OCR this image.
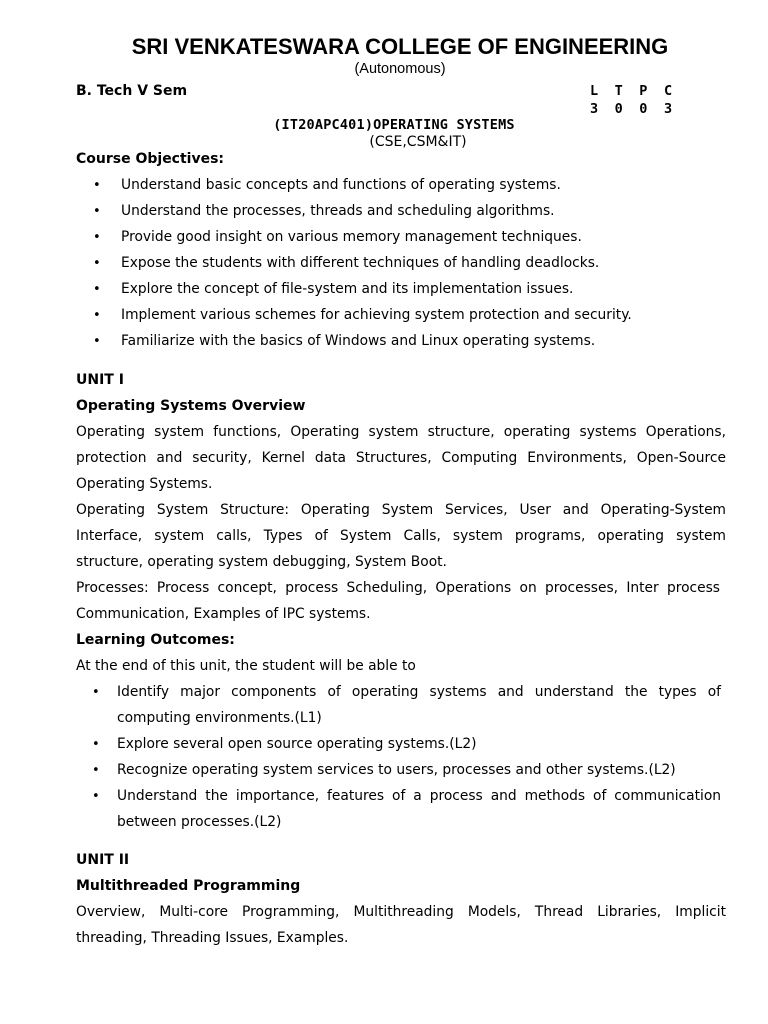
SRI VENKATESWARA COLLEGE OF ENGINEERING
(Autonomous)
B. Tech V Sem	L T P C
3 0 0 3
(IT20APC401)OPERATING SYSTEMS
(CSE,CSM&IT)
Course Objectives:
• Understand basic concepts and functions of operating systems.
• Understand the processes, threads and scheduling algorithms.
• Provide good insight on various memory management techniques.
• Expose the students with different techniques of handling deadlocks.
• Explore the concept of file-system and its implementation issues.
• Implement various schemes for achieving system protection and security.
• Familiarize with the basics of Windows and Linux operating systems.
UNIT I
Operating Systems Overview
Operating system functions, Operating system structure, operating systems Operations,
protection and security, Kernel data Structures, Computing Environments, Open-Source
Operating Systems.
Operating System Structure: Operating System Services, User and Operating-System
Interface, system calls, Types of System Calls, system programs, operating system
structure, operating system debugging, System Boot.
Processes: Process concept, process Scheduling, Operations on processes, Inter process
Communication, Examples of IPC systems.
Learning Outcomes:
At the end of this unit, the student will be able to
• Identify major components of operating systems and understand the types of
computing environments.(L1)
• Explore several open source operating systems.(L2)
• Recognize operating system services to users, processes and other systems.(L2)
• Understand the importance, features of a process and methods of communication
between processes.(L2)
UNIT II
Multithreaded Programming
Overview, Multi-core Programming, Multithreading Models, Thread Libraries, Implicit
threading, Threading Issues, Examples.
